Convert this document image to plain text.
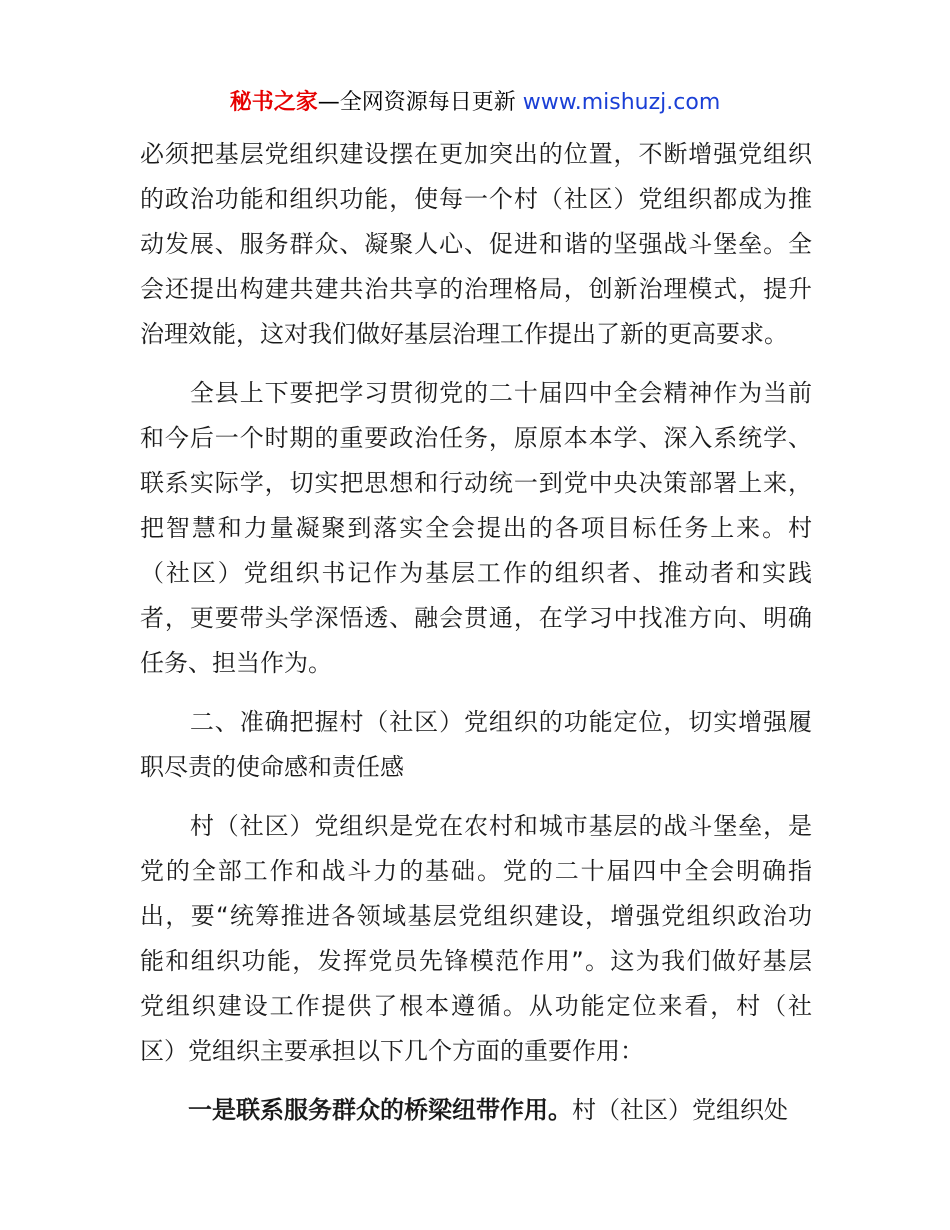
秘书之家—全网资源每日更新 www.mishuzj.com
必须把基层党组织建设摆在更加突出的位置，不断增强党组织
的政治功能和组织功能，使每一个村（社区）党组织都成为推
动发展、服务群众、凝聚人心、促进和谐的坚强战斗堡垒。全
会还提出构建共建共治共享的治理格局，创新治理模式，提升
治理效能，这对我们做好基层治理工作提出了新的更高要求。
　　全县上下要把学习贯彻党的二十届四中全会精神作为当前
和今后一个时期的重要政治任务，原原本本学、深入系统学、
联系实际学，切实把思想和行动统一到党中央决策部署上来，
把智慧和力量凝聚到落实全会提出的各项目标任务上来。村
（社区）党组织书记作为基层工作的组织者、推动者和实践
者，更要带头学深悟透、融会贯通，在学习中找准方向、明确
任务、担当作为。
　　二、准确把握村（社区）党组织的功能定位，切实增强履
职尽责的使命感和责任感
　　村（社区）党组织是党在农村和城市基层的战斗堡垒，是
党的全部工作和战斗力的基础。党的二十届四中全会明确指
出，要“统筹推进各领域基层党组织建设，增强党组织政治功
能和组织功能，发挥党员先锋模范作用”。这为我们做好基层
党组织建设工作提供了根本遵循。从功能定位来看，村（社
区）党组织主要承担以下几个方面的重要作用：
　　一是联系服务群众的桥梁纽带作用。村（社区）党组织处
